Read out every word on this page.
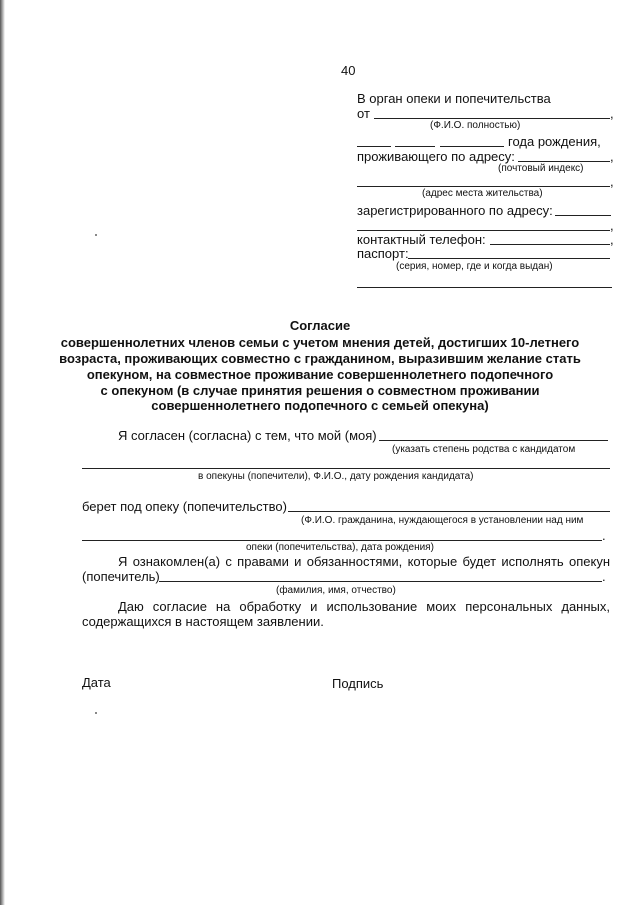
40
В орган опеки и попечительства
от	,
(Ф.И.О. полностью)
года рождения,
проживающего по адресу:	,
(почтовый индекс)
,
(адрес места жительства)
зарегистрированного по адресу:
,
контактный телефон:	,
паспорт:
(серия, номер, где и когда выдан)
Согласие
совершеннолетних членов семьи с учетом мнения детей, достигших 10-летнего
возраста, проживающих совместно с гражданином, выразившим желание стать
опекуном, на совместное проживание совершеннолетнего подопечного
с опекуном (в случае принятия решения о совместном проживании
совершеннолетнего подопечного с семьей опекуна)
Я согласен (согласна) с тем, что мой (моя)
(указать степень родства с кандидатом
в опекуны (попечители), Ф.И.О., дату рождения кандидата)
берет под опеку (попечительство)
(Ф.И.О. гражданина, нуждающегося в установлении над ним
.
опеки (попечительства), дата рождения)
Я ознакомлен(а) с правами и обязанностями, которые будет исполнять опекун
(попечитель)	.
(фамилия, имя, отчество)
Даю согласие на обработку и использование моих персональных данных,
содержащихся в настоящем заявлении.
Дата	Подпись
